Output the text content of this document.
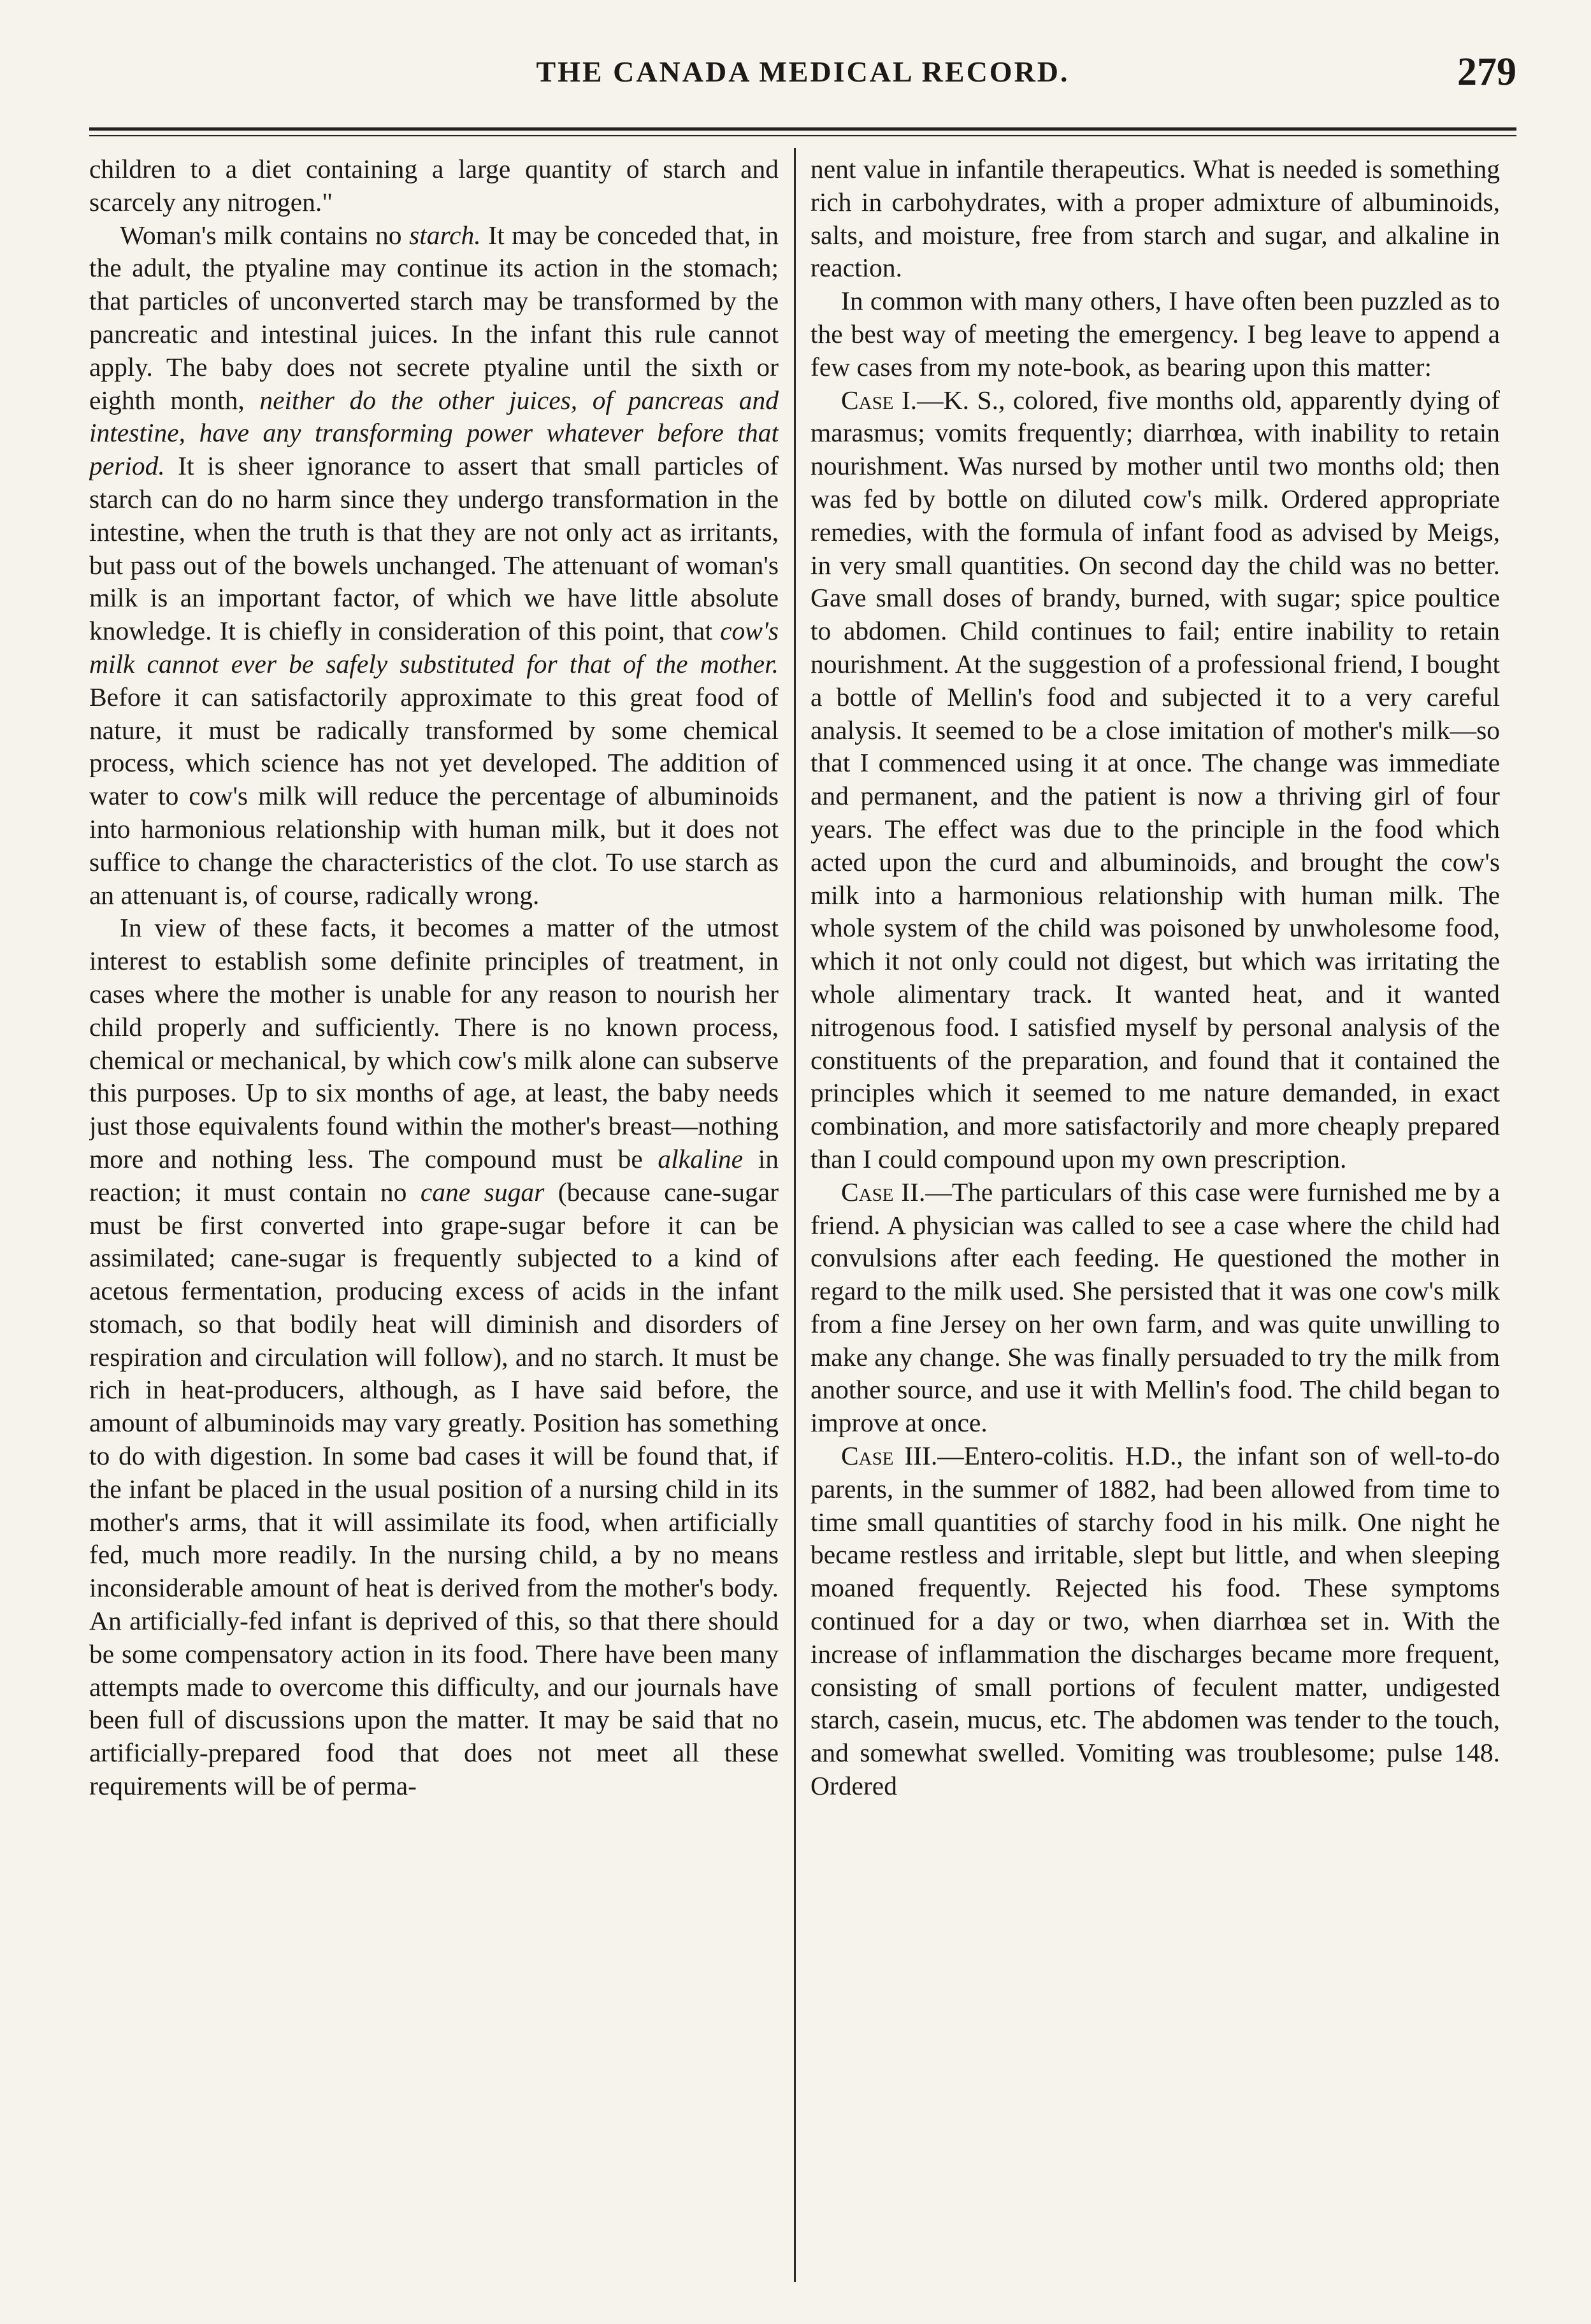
THE CANADA MEDICAL RECORD.	279

children to a diet containing a large quantity of starch and scarcely any nitrogen."

Woman's milk contains no starch. It may be conceded that, in the adult, the ptyaline may continue its action in the stomach; that particles of unconverted starch may be transformed by the pancreatic and intestinal juices. In the infant this rule cannot apply. The baby does not secrete ptyaline until the sixth or eighth month, neither do the other juices, of pancreas and intestine, have any transforming power whatever before that period. It is sheer ignorance to assert that small particles of starch can do no harm since they undergo transformation in the intestine, when the truth is that they are not only act as irritants, but pass out of the bowels unchanged. The attenuant of woman's milk is an important factor, of which we have little absolute knowledge. It is chiefly in consideration of this point, that cow's milk cannot ever be safely substituted for that of the mother. Before it can satisfactorily approximate to this great food of nature, it must be radically transformed by some chemical process, which science has not yet developed. The addition of water to cow's milk will reduce the percentage of albuminoids into harmonious relationship with human milk, but it does not suffice to change the characteristics of the clot. To use starch as an attenuant is, of course, radically wrong.

In view of these facts, it becomes a matter of the utmost interest to establish some definite principles of treatment, in cases where the mother is unable for any reason to nourish her child properly and sufficiently. There is no known process, chemical or mechanical, by which cow's milk alone can subserve this purposes. Up to six months of age, at least, the baby needs just those equivalents found within the mother's breast—nothing more and nothing less. The compound must be alkaline in reaction; it must contain no cane sugar (because cane-sugar must be first converted into grape-sugar before it can be assimilated; cane-sugar is frequently subjected to a kind of acetous fermentation, producing excess of acids in the infant stomach, so that bodily heat will diminish and disorders of respiration and circulation will follow), and no starch. It must be rich in heat-producers, although, as I have said before, the amount of albuminoids may vary greatly. Position has something to do with digestion. In some bad cases it will be found that, if the infant be placed in the usual position of a nursing child in its mother's arms, that it will assimilate its food, when artificially fed, much more readily. In the nursing child, a by no means inconsiderable amount of heat is derived from the mother's body. An artificially-fed infant is deprived of this, so that there should be some compensatory action in its food. There have been many attempts made to overcome this difficulty, and our journals have been full of discussions upon the matter. It may be said that no artificially-prepared food that does not meet all these requirements will be of perma-

nent value in infantile therapeutics. What is needed is something rich in carbohydrates, with a proper admixture of albuminoids, salts, and moisture, free from starch and sugar, and alkaline in reaction.

In common with many others, I have often been puzzled as to the best way of meeting the emergency. I beg leave to append a few cases from my note-book, as bearing upon this matter:

Case I.—K. S., colored, five months old, apparently dying of marasmus; vomits frequently; diarrhœa, with inability to retain nourishment. Was nursed by mother until two months old; then was fed by bottle on diluted cow's milk. Ordered appropriate remedies, with the formula of infant food as advised by Meigs, in very small quantities. On second day the child was no better. Gave small doses of brandy, burned, with sugar; spice poultice to abdomen. Child continues to fail; entire inability to retain nourishment. At the suggestion of a professional friend, I bought a bottle of Mellin's food and subjected it to a very careful analysis. It seemed to be a close imitation of mother's milk—so that I commenced using it at once. The change was immediate and permanent, and the patient is now a thriving girl of four years. The effect was due to the principle in the food which acted upon the curd and albuminoids, and brought the cow's milk into a harmonious relationship with human milk. The whole system of the child was poisoned by unwholesome food, which it not only could not digest, but which was irritating the whole alimentary track. It wanted heat, and it wanted nitrogenous food. I satisfied myself by personal analysis of the constituents of the preparation, and found that it contained the principles which it seemed to me nature demanded, in exact combination, and more satisfactorily and more cheaply prepared than I could compound upon my own prescription.

Case II.—The particulars of this case were furnished me by a friend. A physician was called to see a case where the child had convulsions after each feeding. He questioned the mother in regard to the milk used. She persisted that it was one cow's milk from a fine Jersey on her own farm, and was quite unwilling to make any change. She was finally persuaded to try the milk from another source, and use it with Mellin's food. The child began to improve at once.

Case III.—Entero-colitis. H.D., the infant son of well-to-do parents, in the summer of 1882, had been allowed from time to time small quantities of starchy food in his milk. One night he became restless and irritable, slept but little, and when sleeping moaned frequently. Rejected his food. These symptoms continued for a day or two, when diarrhœa set in. With the increase of inflammation the discharges became more frequent, consisting of small portions of feculent matter, undigested starch, casein, mucus, etc. The abdomen was tender to the touch, and somewhat swelled. Vomiting was troublesome; pulse 148. Ordered
